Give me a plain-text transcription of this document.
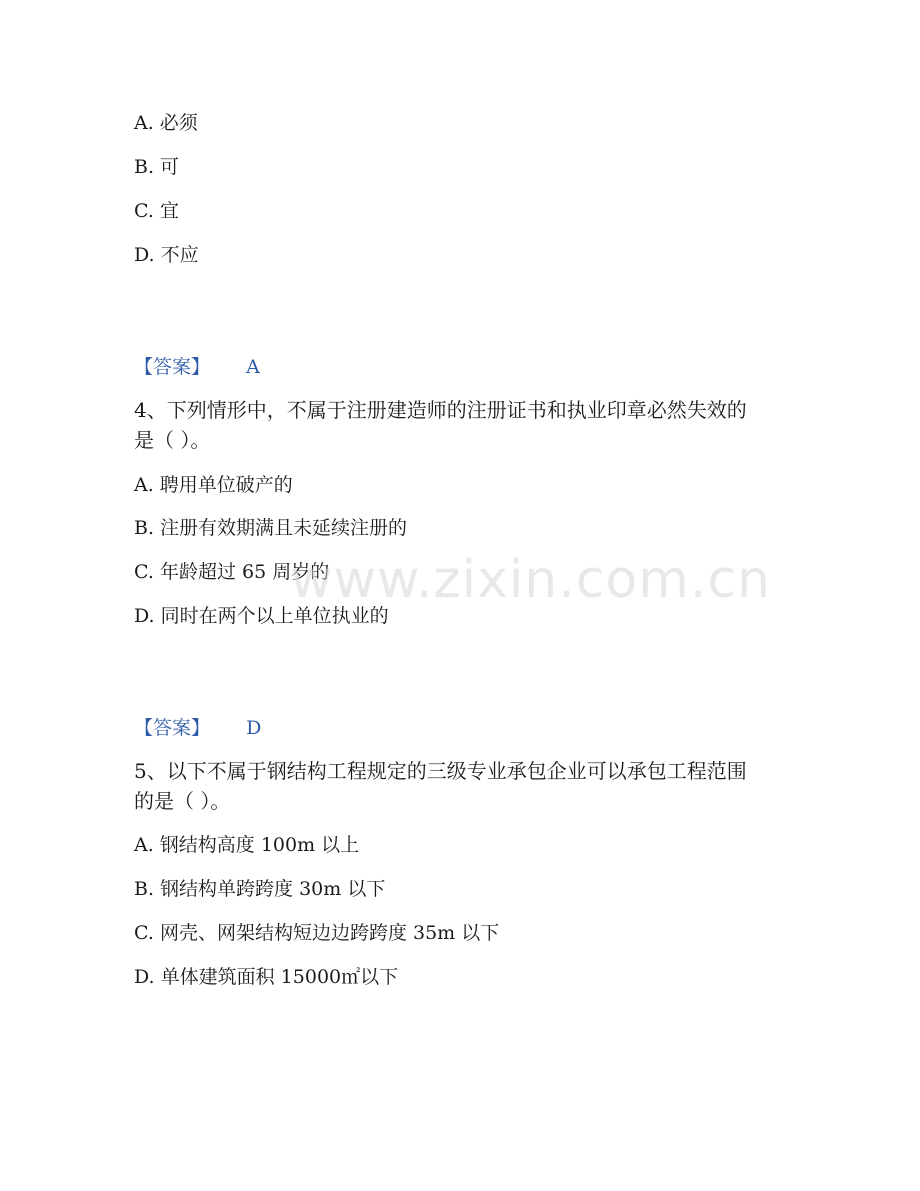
A. 必须
B. 可
C. 宜
D. 不应
【答案】 A
4、下列情形中，不属于注册建造师的注册证书和执业印章必然失效的
是（ ）。
A. 聘用单位破产的
B. 注册有效期满且未延续注册的
C. 年龄超过 65 周岁的
D. 同时在两个以上单位执业的
【答案】 D
5、以下不属于钢结构工程规定的三级专业承包企业可以承包工程范围
的是（ ）。
A. 钢结构高度 100m 以上
B. 钢结构单跨跨度 30m 以下
C. 网壳、网架结构短边边跨跨度 35m 以下
D. 单体建筑面积 15000㎡以下
www.zixin.com.cn
